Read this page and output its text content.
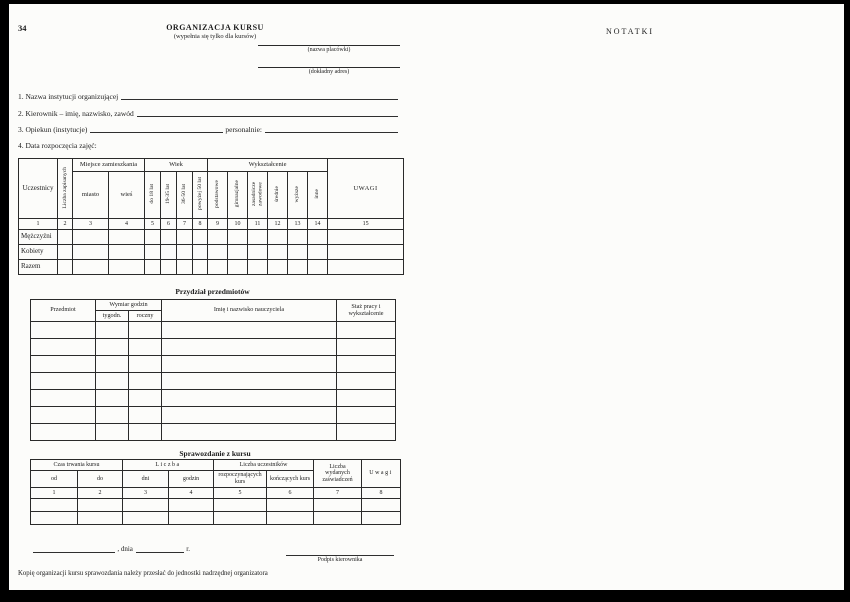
34	ORGANIZACJA KURSU
(wypełnia się tylko dla kursów)
NOTATKI
(nazwa placówki)
(dokładny adres)
1. Nazwa instytucji organizującej
2. Kierownik – imię, nazwisko, zawód
3. Opiekun (instytucje)	personalnie:
4. Data rozpoczęcia zajęć:
Uczestnicy	Liczba zapisanych	Miejsce zamieszkania		Wiek				Wykształcenie						UWAGI
		miasto	wieś	do 18 lat	19-35 lat	36-50 lat	powyżej 50 lat	podstawowe	gimnazjalne	zasadnicze zawodowe	średnie	wyższe	inne	
1	2	3	4	5	6	7	8	9	10	11	12	13	14	15
Mężczyźni														
Kobiety														
Razem														
Przydział przedmiotów
Przedmiot	Wymiar godzin		Imię i nazwisko nauczyciela	Staż pracy i wykształcenie
	tygodn.	roczny		

Sprawozdanie z kursu
Czas trwania kursu		Liczba		Liczba uczestników		Liczba wydanych zaświadczeń	Uwagi
od	do	dni	godzin	rozpoczynających kurs	kończących kurs		
1	2	3	4	5	6	7	8

, dnia	r.
Podpis kierownika
Kopię organizacji kursu sprawozdania należy przesłać do jednostki nadrzędnej organizatora
